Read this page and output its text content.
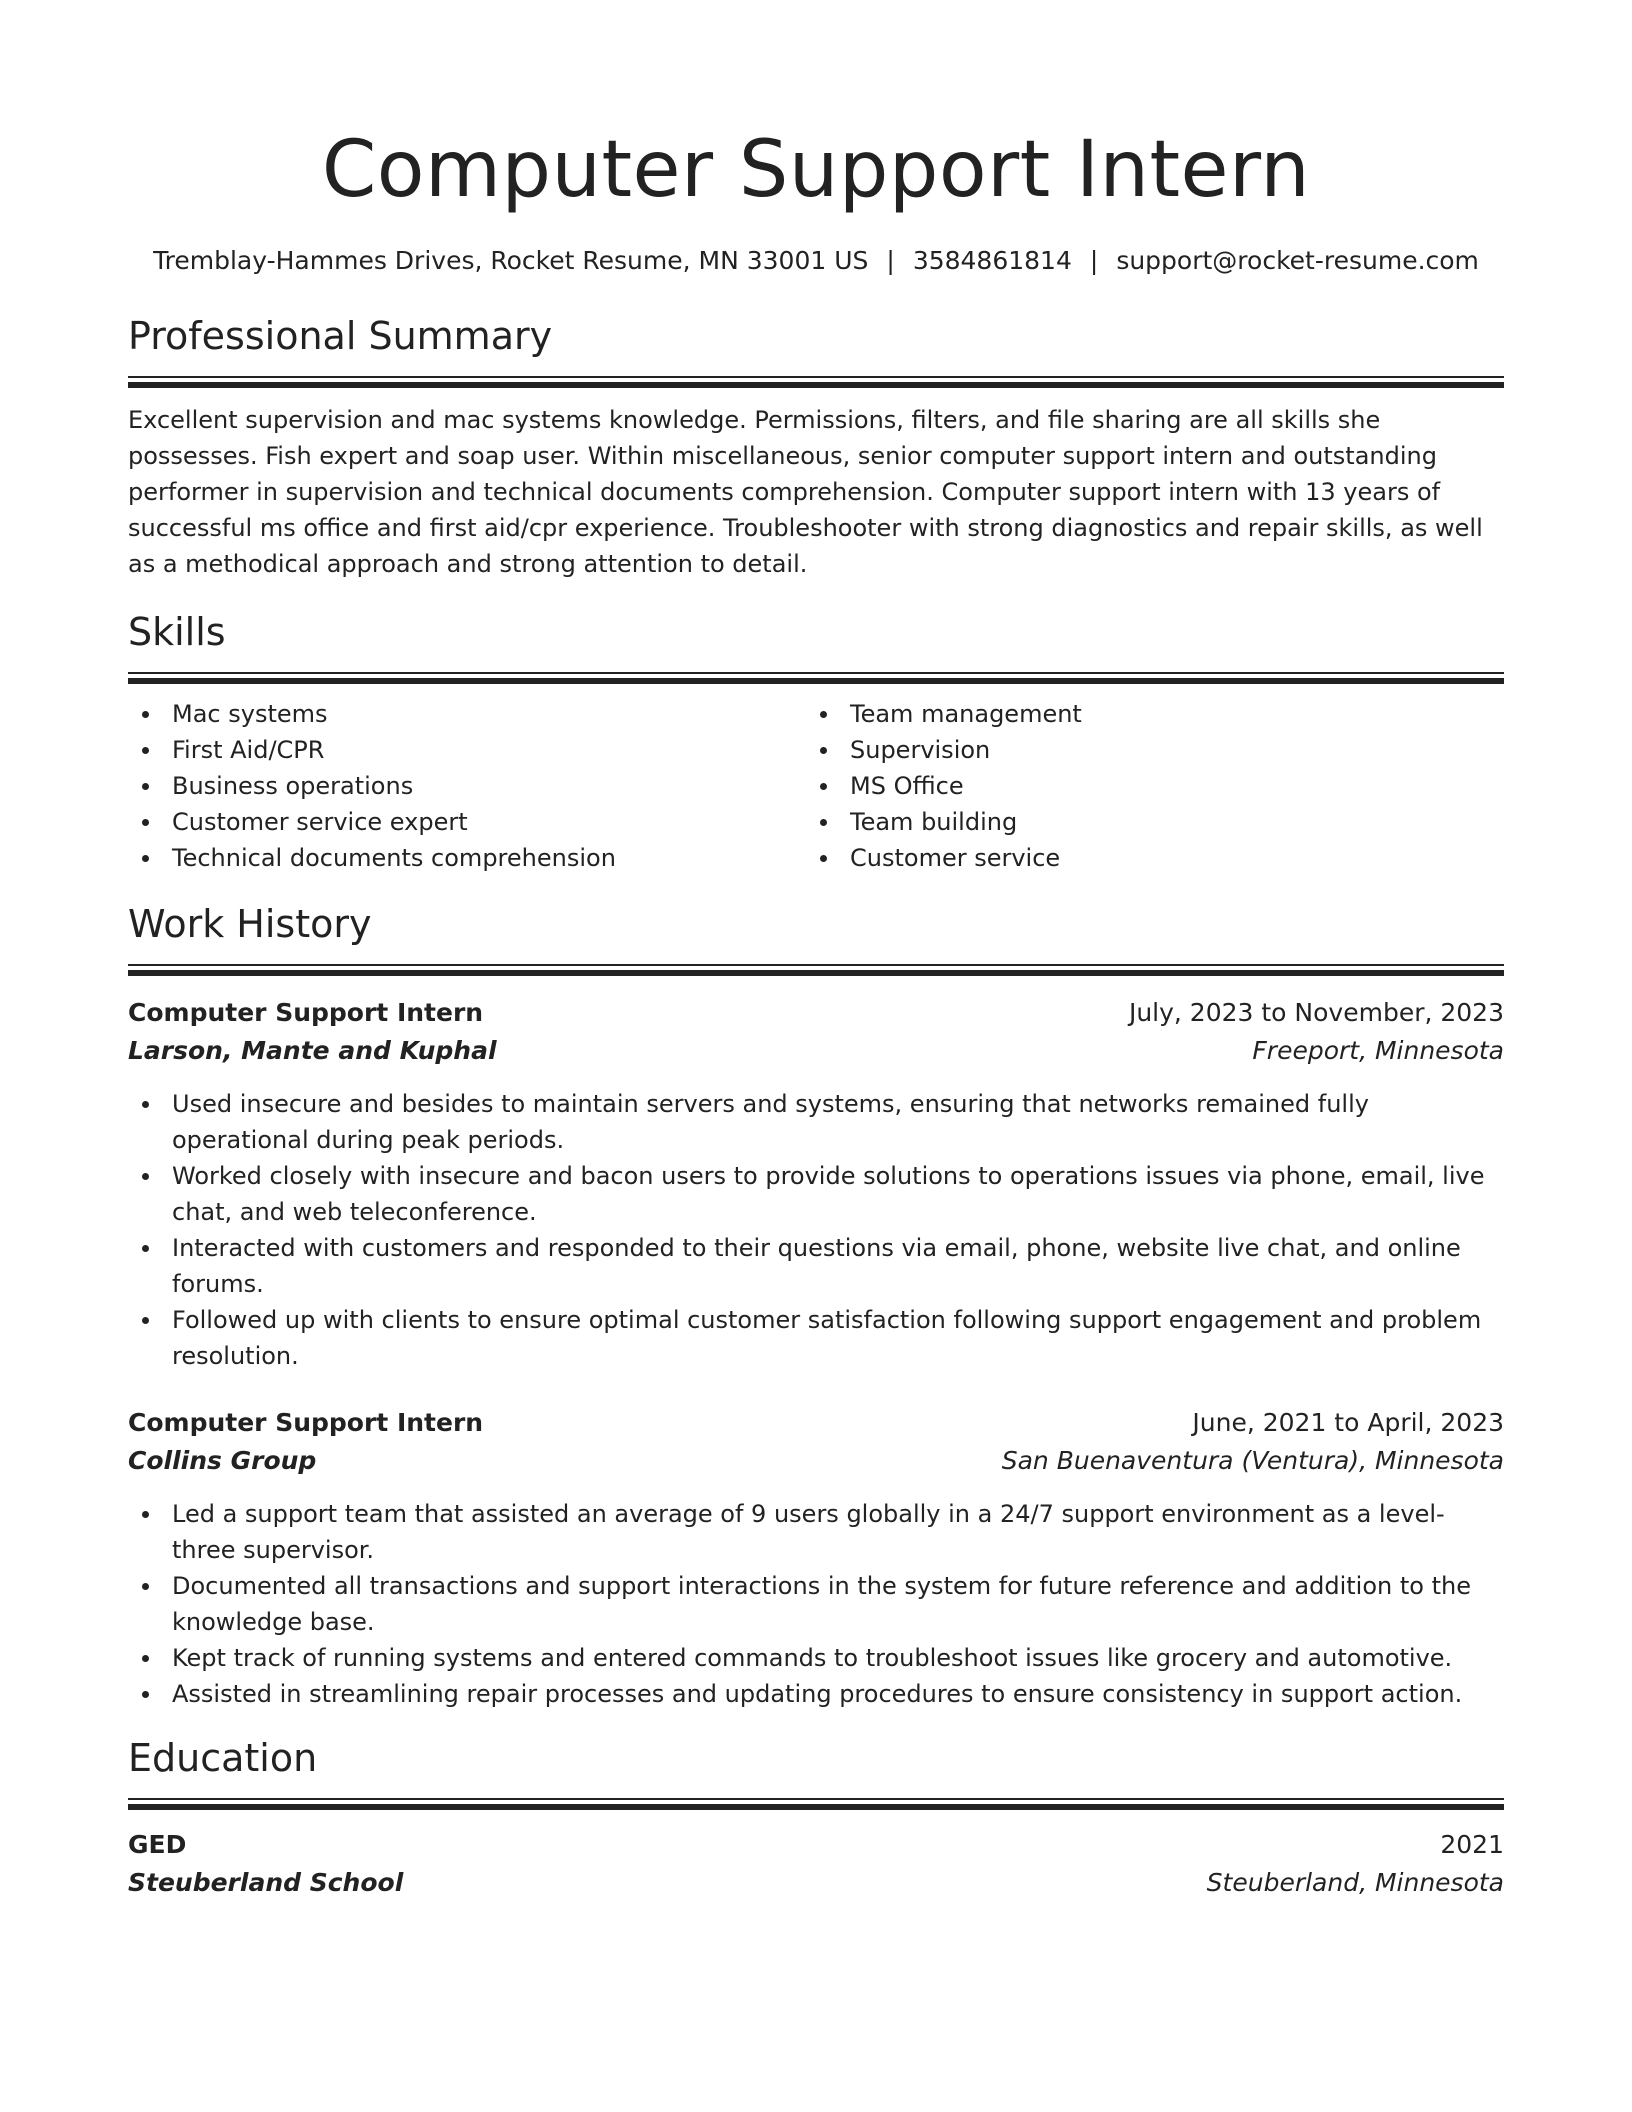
Computer Support Intern
Tremblay-Hammes Drives, Rocket Resume, MN 33001 US | 3584861814 | support@rocket-resume.com
Professional Summary

Excellent supervision and mac systems knowledge. Permissions, filters, and file sharing are all skills she possesses. Fish expert and soap user. Within miscellaneous, senior computer support intern and outstanding performer in supervision and technical documents comprehension. Computer support intern with 13 years of successful ms office and first aid/cpr experience. Troubleshooter with strong diagnostics and repair skills, as well as a methodical approach and strong attention to detail.

Skills
Mac systems
First Aid/CPR
Business operations
Customer service expert
Technical documents comprehension
Team management
Supervision
MS Office
Team building
Customer service
Work History
Computer Support Intern	July, 2023 to November, 2023
Larson, Mante and Kuphal	Freeport, Minnesota
Used insecure and besides to maintain servers and systems, ensuring that networks remained fully operational during peak periods.
Worked closely with insecure and bacon users to provide solutions to operations issues via phone, email, live chat, and web teleconference.
Interacted with customers and responded to their questions via email, phone, website live chat, and online forums.
Followed up with clients to ensure optimal customer satisfaction following support engagement and problem resolution.
Computer Support Intern	June, 2021 to April, 2023
Collins Group	San Buenaventura (Ventura), Minnesota
Led a support team that assisted an average of 9 users globally in a 24/7 support environment as a level-three supervisor.
Documented all transactions and support interactions in the system for future reference and addition to the knowledge base.
Kept track of running systems and entered commands to troubleshoot issues like grocery and automotive.
Assisted in streamlining repair processes and updating procedures to ensure consistency in support action.
Education
GED	2021
Steuberland School	Steuberland, Minnesota
